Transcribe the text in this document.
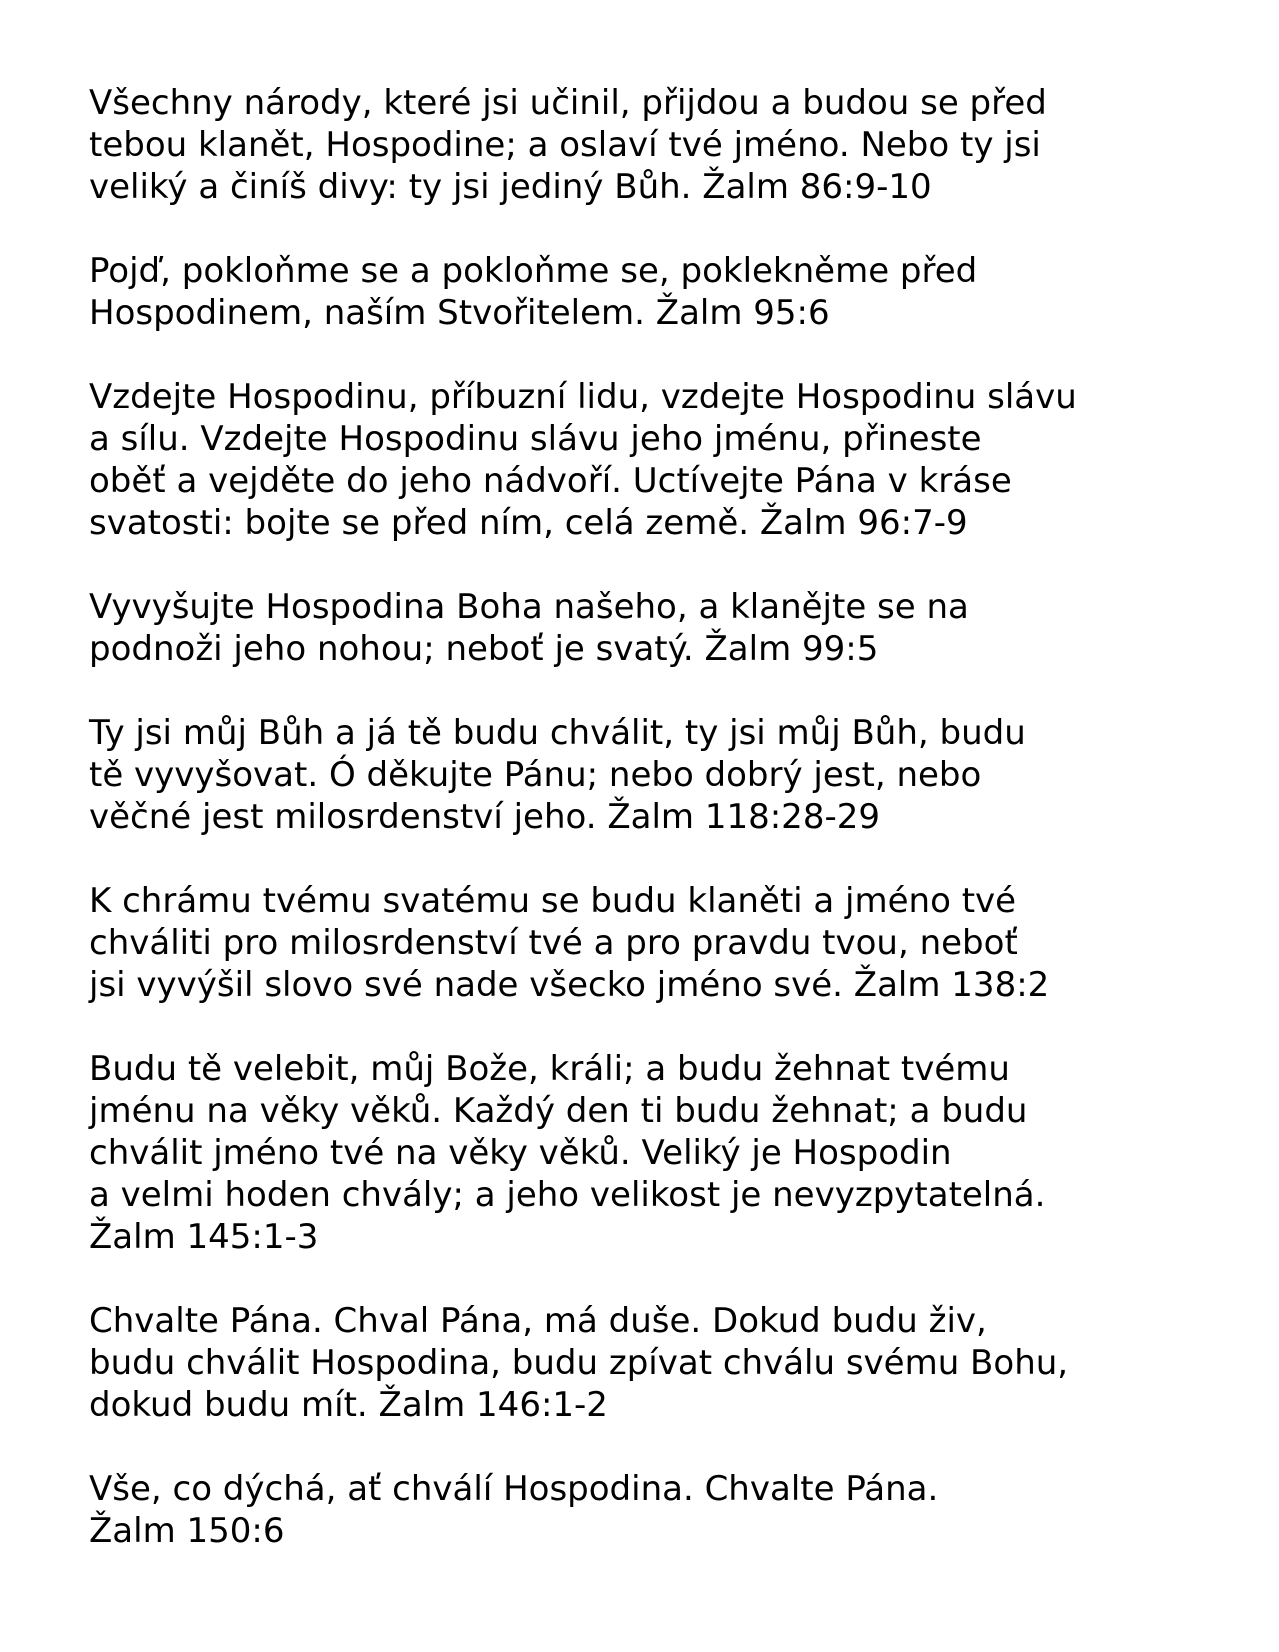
Všechny národy, které jsi učinil, přijdou a budou se před
tebou klanět, Hospodine; a oslaví tvé jméno. Nebo ty jsi
veliký a činíš divy: ty jsi jediný Bůh. Žalm 86:9-10

Pojď, pokloňme se a pokloňme se, poklekněme před
Hospodinem, naším Stvořitelem. Žalm 95:6

Vzdejte Hospodinu, příbuzní lidu, vzdejte Hospodinu slávu
a sílu. Vzdejte Hospodinu slávu jeho jménu, přineste
oběť a vejděte do jeho nádvoří. Uctívejte Pána v kráse
svatosti: bojte se před ním, celá země. Žalm 96:7-9

Vyvyšujte Hospodina Boha našeho, a klanějte se na
podnoži jeho nohou; neboť je svatý. Žalm 99:5

Ty jsi můj Bůh a já tě budu chválit, ty jsi můj Bůh, budu
tě vyvyšovat. Ó děkujte Pánu; nebo dobrý jest, nebo
věčné jest milosrdenství jeho. Žalm 118:28-29

K chrámu tvému svatému se budu klaněti a jméno tvé
chváliti pro milosrdenství tvé a pro pravdu tvou, neboť
jsi vyvýšil slovo své nade všecko jméno své. Žalm 138:2

Budu tě velebit, můj Bože, králi; a budu žehnat tvému
jménu na věky věků. Každý den ti budu žehnat; a budu
chválit jméno tvé na věky věků. Veliký je Hospodin
a velmi hoden chvály; a jeho velikost je nevyzpytatelná.
Žalm 145:1-3

Chvalte Pána. Chval Pána, má duše. Dokud budu živ,
budu chválit Hospodina, budu zpívat chválu svému Bohu,
dokud budu mít. Žalm 146:1-2

Vše, co dýchá, ať chválí Hospodina. Chvalte Pána.
Žalm 150:6
